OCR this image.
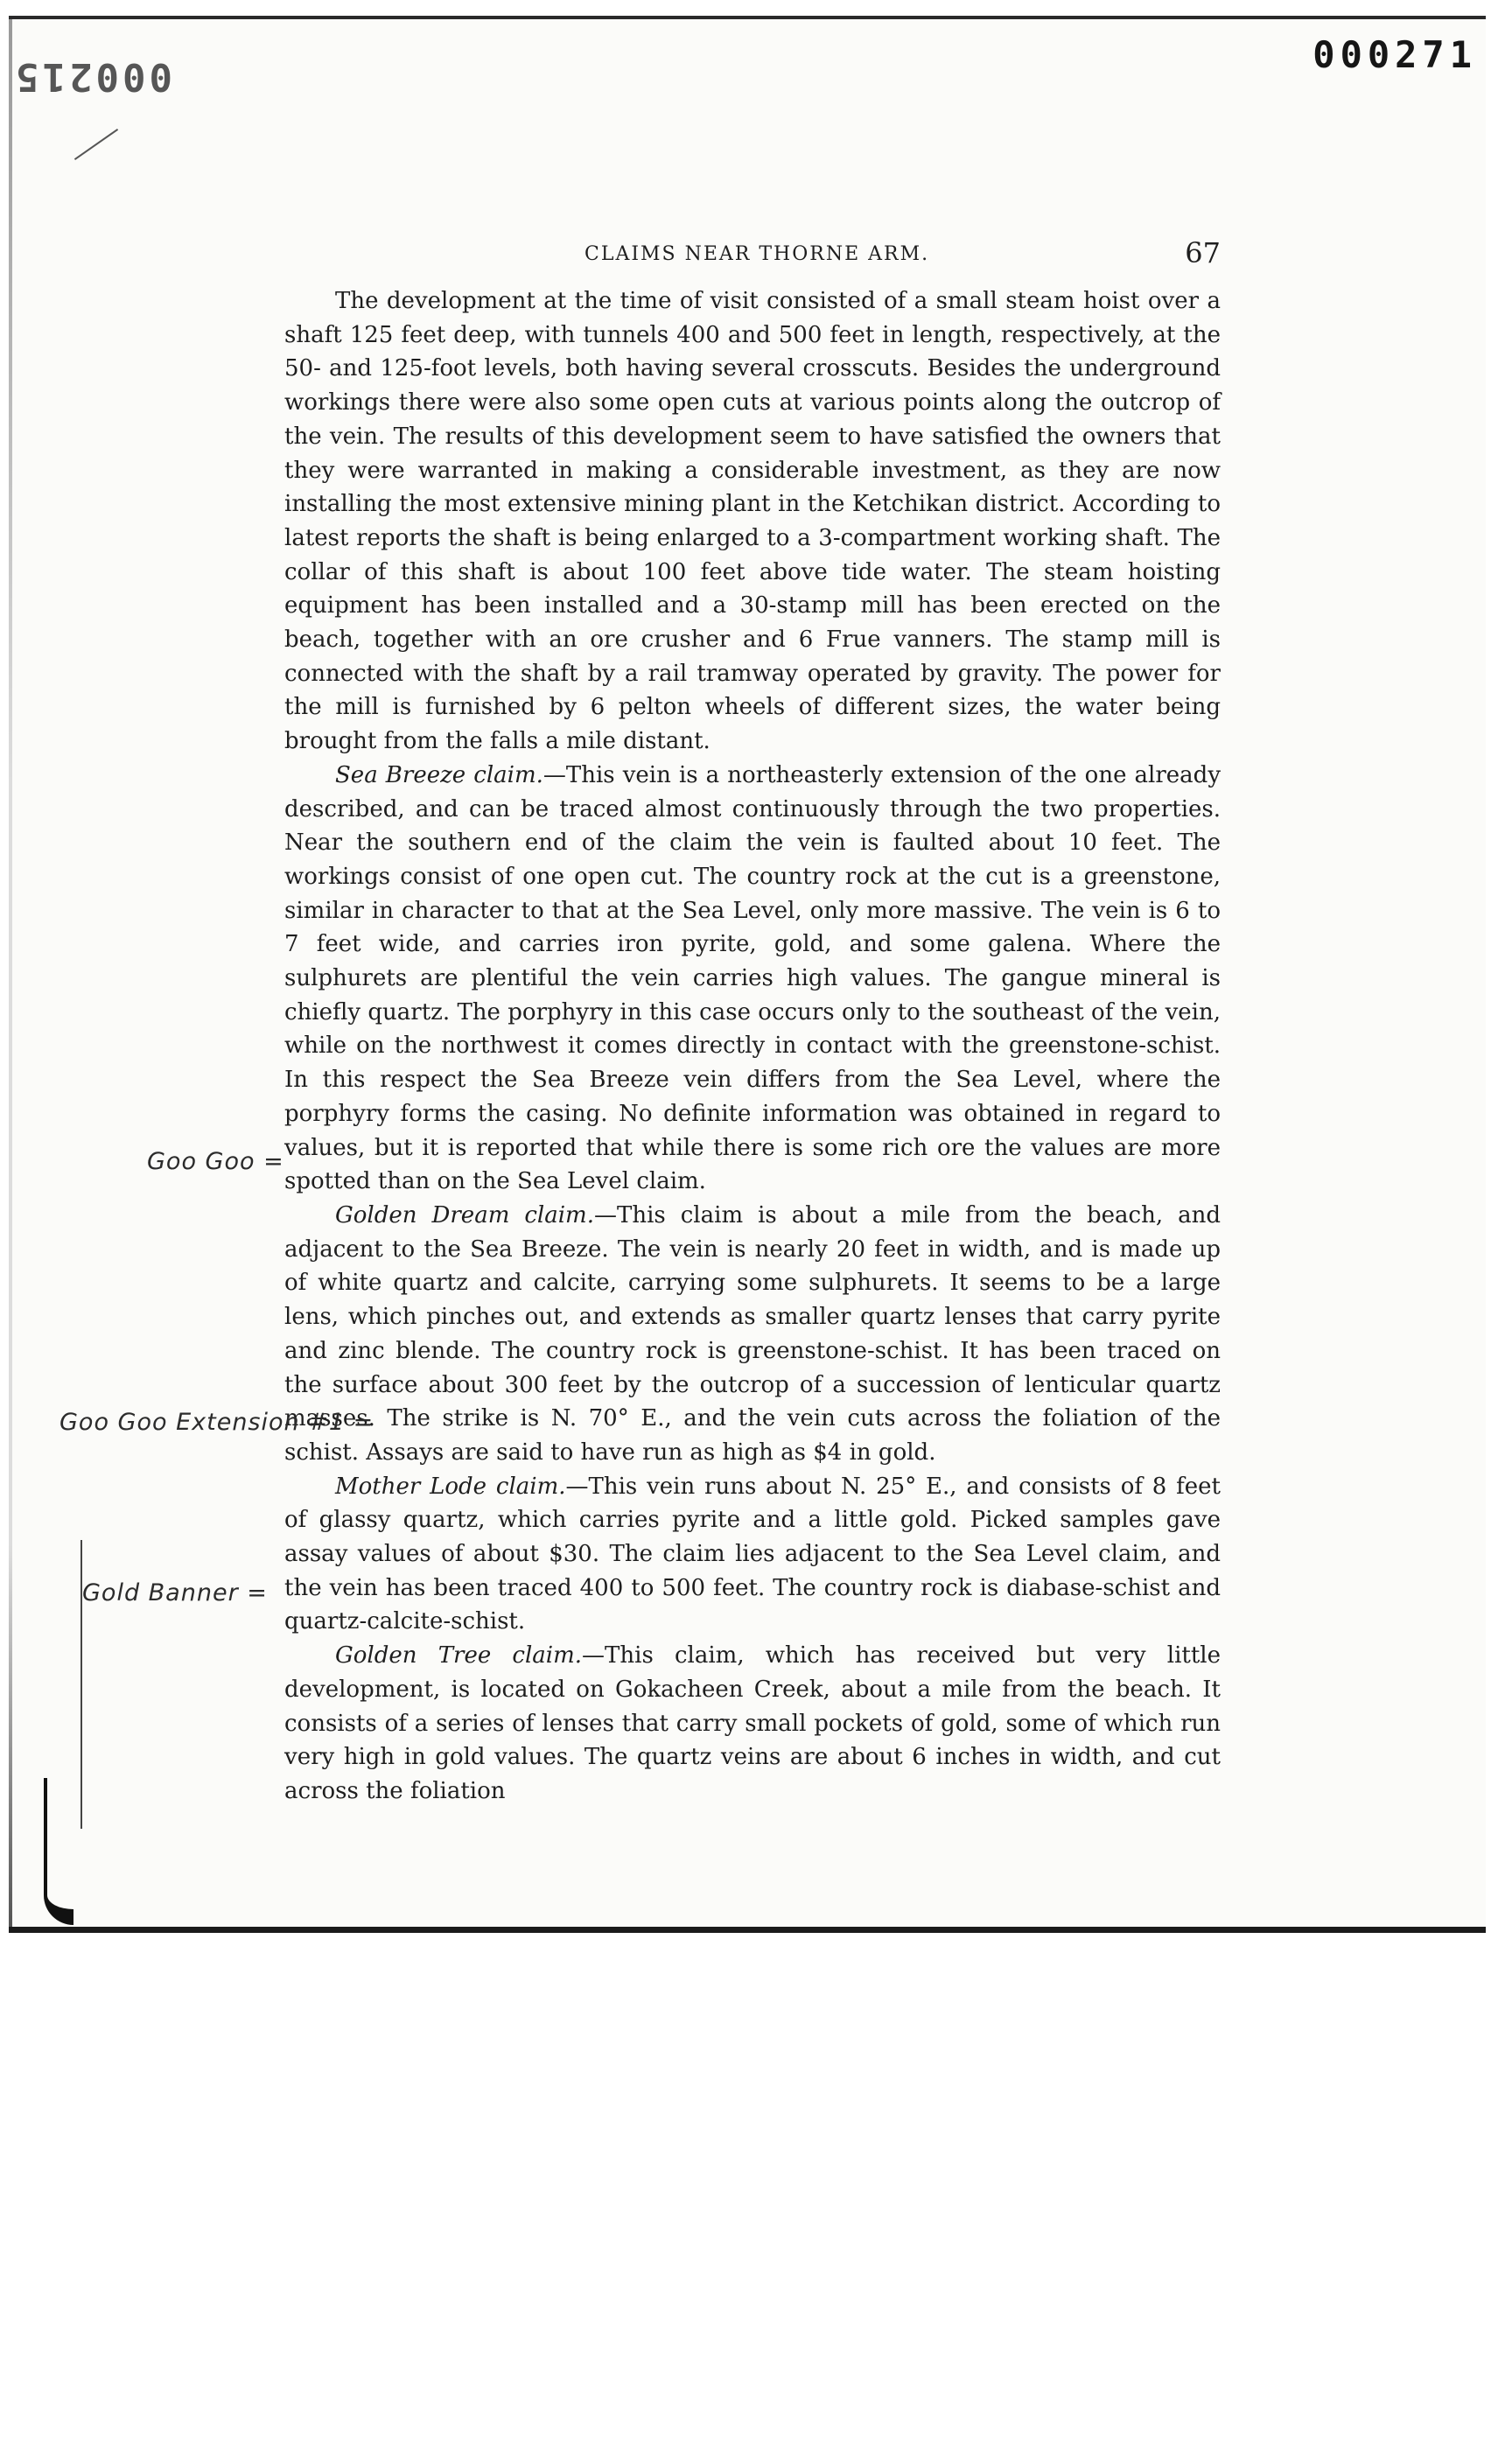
000271
000215
CLAIMS NEAR THORNE ARM.	67

The development at the time of visit consisted of a small steam hoist over a shaft 125 feet deep, with tunnels 400 and 500 feet in length, respectively, at the 50- and 125-foot levels, both having several crosscuts. Besides the underground workings there were also some open cuts at various points along the outcrop of the vein. The results of this development seem to have satisfied the owners that they were warranted in making a considerable investment, as they are now installing the most extensive mining plant in the Ketchikan district. According to latest reports the shaft is being enlarged to a 3-compartment working shaft. The collar of this shaft is about 100 feet above tide water. The steam hoisting equipment has been installed and a 30-stamp mill has been erected on the beach, together with an ore crusher and 6 Frue vanners. The stamp mill is connected with the shaft by a rail tramway operated by gravity. The power for the mill is furnished by 6 pelton wheels of different sizes, the water being brought from the falls a mile distant.

Sea Breeze claim.—This vein is a northeasterly extension of the one already described, and can be traced almost continuously through the two properties. Near the southern end of the claim the vein is faulted about 10 feet. The workings consist of one open cut. The country rock at the cut is a greenstone, similar in character to that at the Sea Level, only more massive. The vein is 6 to 7 feet wide, and carries iron pyrite, gold, and some galena. Where the sulphurets are plentiful the vein carries high values. The gangue mineral is chiefly quartz. The porphyry in this case occurs only to the southeast of the vein, while on the northwest it comes directly in contact with the greenstone-schist. In this respect the Sea Breeze vein differs from the Sea Level, where the porphyry forms the casing. No definite information was obtained in regard to values, but it is reported that while there is some rich ore the values are more spotted than on the Sea Level claim.

Golden Dream claim.—This claim is about a mile from the beach, and adjacent to the Sea Breeze. The vein is nearly 20 feet in width, and is made up of white quartz and calcite, carrying some sulphurets. It seems to be a large lens, which pinches out, and extends as smaller quartz lenses that carry pyrite and zinc blende. The country rock is greenstone-schist. It has been traced on the surface about 300 feet by the outcrop of a succession of lenticular quartz masses. The strike is N. 70° E., and the vein cuts across the foliation of the schist. Assays are said to have run as high as $4 in gold.

Mother Lode claim.—This vein runs about N. 25° E., and consists of 8 feet of glassy quartz, which carries pyrite and a little gold. Picked samples gave assay values of about $30. The claim lies adjacent to the Sea Level claim, and the vein has been traced 400 to 500 feet. The country rock is diabase-schist and quartz-calcite-schist.

Golden Tree claim.—This claim, which has received but very little development, is located on Gokacheen Creek, about a mile from the beach. It consists of a series of lenses that carry small pockets of gold, some of which run very high in gold values. The quartz veins are about 6 inches in width, and cut across the foliation

Goo Goo =
Goo Goo Extension #1 =
Gold Banner =
